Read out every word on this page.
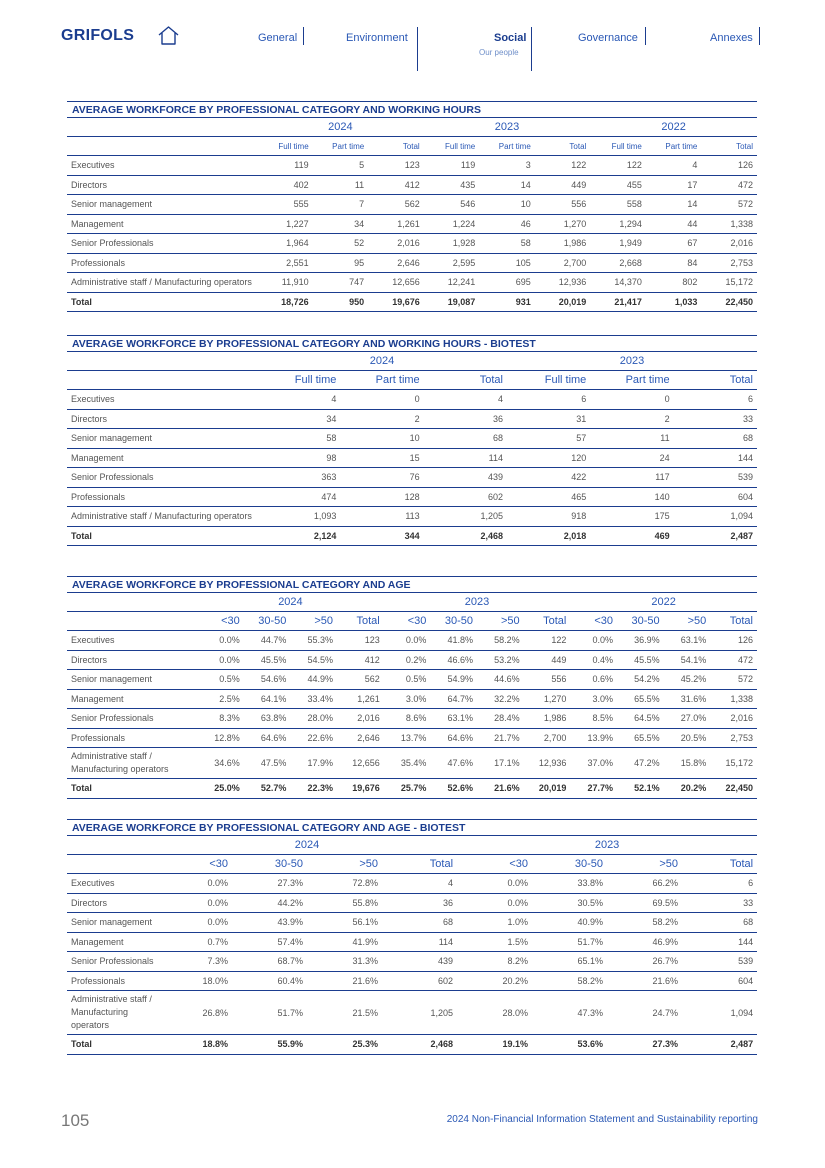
GRIFOLS	General	Environment	Social
Our people
Governance	Annexes
AVERAGE WORKFORCE BY PROFESSIONAL CATEGORY AND WORKING HOURS
	2024			2023			2022		
	Full time	Part time	Total	Full time	Part time	Total	Full time	Part time	Total
Executives	119	5	123	119	3	122	122	4	126
Directors	402	11	412	435	14	449	455	17	472
Senior management	555	7	562	546	10	556	558	14	572
Management	1,227	34	1,261	1,224	46	1,270	1,294	44	1,338
Senior Professionals	1,964	52	2,016	1,928	58	1,986	1,949	67	2,016
Professionals	2,551	95	2,646	2,595	105	2,700	2,668	84	2,753
Administrative staff / Manufacturing operators	11,910	747	12,656	12,241	695	12,936	14,370	802	15,172
Total	18,726	950	19,676	19,087	931	20,019	21,417	1,033	22,450
AVERAGE WORKFORCE BY PROFESSIONAL CATEGORY AND WORKING HOURS - BIOTEST
	2024			2023		
	Full time	Part time	Total	Full time	Part time	Total
Executives	4	0	4	6	0	6
Directors	34	2	36	31	2	33
Senior management	58	10	68	57	11	68
Management	98	15	114	120	24	144
Senior Professionals	363	76	439	422	117	539
Professionals	474	128	602	465	140	604
Administrative staff / Manufacturing operators	1,093	113	1,205	918	175	1,094
Total	2,124	344	2,468	2,018	469	2,487
AVERAGE WORKFORCE BY PROFESSIONAL CATEGORY AND AGE
	2024				2023				2022			
	<30	30-50	>50	Total	<30	30-50	>50	Total	<30	30-50	>50	Total
Executives	0.0%	44.7%	55.3%	123	0.0%	41.8%	58.2%	122	0.0%	36.9%	63.1%	126
Directors	0.0%	45.5%	54.5%	412	0.2%	46.6%	53.2%	449	0.4%	45.5%	54.1%	472
Senior management	0.5%	54.6%	44.9%	562	0.5%	54.9%	44.6%	556	0.6%	54.2%	45.2%	572
Management	2.5%	64.1%	33.4%	1,261	3.0%	64.7%	32.2%	1,270	3.0%	65.5%	31.6%	1,338
Senior Professionals	8.3%	63.8%	28.0%	2,016	8.6%	63.1%	28.4%	1,986	8.5%	64.5%	27.0%	2,016
Professionals	12.8%	64.6%	22.6%	2,646	13.7%	64.6%	21.7%	2,700	13.9%	65.5%	20.5%	2,753
Administrative staff / Manufacturing operators	34.6%	47.5%	17.9%	12,656	35.4%	47.6%	17.1%	12,936	37.0%	47.2%	15.8%	15,172
Total	25.0%	52.7%	22.3%	19,676	25.7%	52.6%	21.6%	20,019	27.7%	52.1%	20.2%	22,450
AVERAGE WORKFORCE BY PROFESSIONAL CATEGORY AND AGE - BIOTEST
	2024				2023			
	<30	30-50	>50	Total	<30	30-50	>50	Total
Executives	0.0%	27.3%	72.8%	4	0.0%	33.8%	66.2%	6
Directors	0.0%	44.2%	55.8%	36	0.0%	30.5%	69.5%	33
Senior management	0.0%	43.9%	56.1%	68	1.0%	40.9%	58.2%	68
Management	0.7%	57.4%	41.9%	114	1.5%	51.7%	46.9%	144
Senior Professionals	7.3%	68.7%	31.3%	439	8.2%	65.1%	26.7%	539
Professionals	18.0%	60.4%	21.6%	602	20.2%	58.2%	21.6%	604
Administrative staff / Manufacturing operators	26.8%	51.7%	21.5%	1,205	28.0%	47.3%	24.7%	1,094
Total	18.8%	55.9%	25.3%	2,468	19.1%	53.6%	27.3%	2,487
105	2024 Non-Financial Information Statement and Sustainability reporting
